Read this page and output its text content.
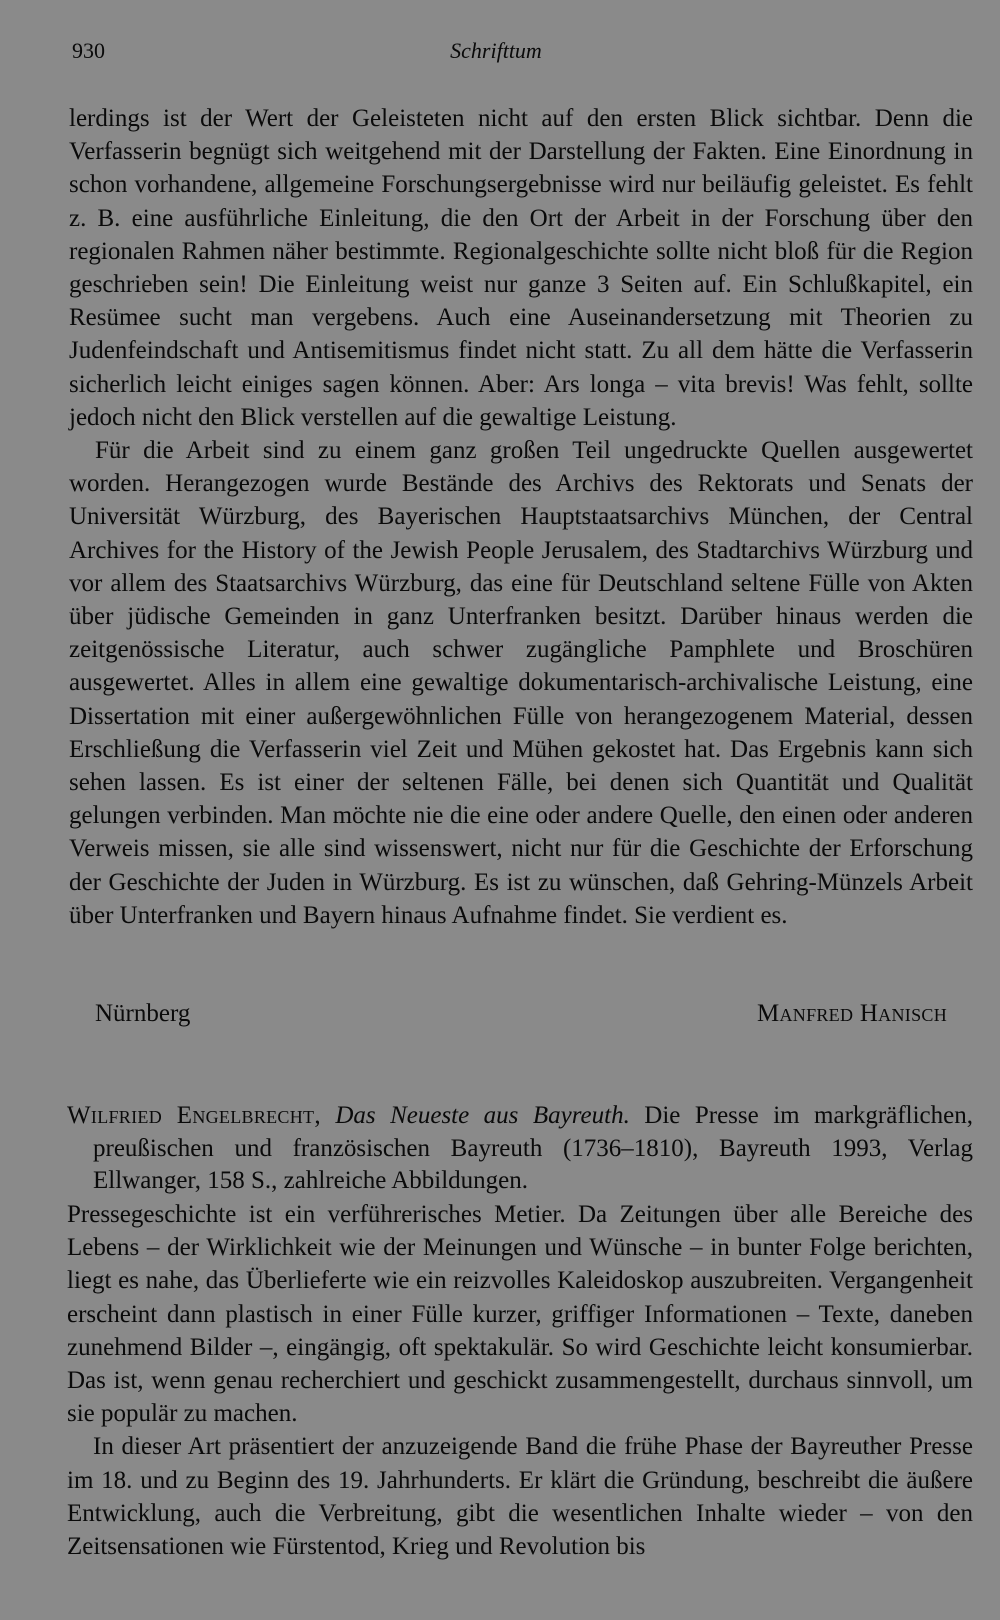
930	Schrifttum

lerdings ist der Wert der Geleisteten nicht auf den ersten Blick sichtbar. Denn die Verfasserin begnügt sich weitgehend mit der Darstellung der Fakten. Eine Einordnung in schon vorhandene, allgemeine Forschungsergebnisse wird nur beiläufig geleistet. Es fehlt z. B. eine ausführliche Einleitung, die den Ort der Arbeit in der Forschung über den regionalen Rahmen näher bestimmte. Regionalgeschichte sollte nicht bloß für die Region geschrieben sein! Die Einleitung weist nur ganze 3 Seiten auf. Ein Schlußkapitel, ein Resümee sucht man vergebens. Auch eine Auseinandersetzung mit Theorien zu Judenfeindschaft und Antisemitismus findet nicht statt. Zu all dem hätte die Verfasserin sicherlich leicht einiges sagen können. Aber: Ars longa – vita brevis! Was fehlt, sollte jedoch nicht den Blick verstellen auf die gewaltige Leistung.

Für die Arbeit sind zu einem ganz großen Teil ungedruckte Quellen ausgewertet worden. Herangezogen wurde Bestände des Archivs des Rektorats und Senats der Universität Würzburg, des Bayerischen Hauptstaatsarchivs München, der Central Archives for the History of the Jewish People Jerusalem, des Stadtarchivs Würzburg und vor allem des Staatsarchivs Würzburg, das eine für Deutschland seltene Fülle von Akten über jüdische Gemeinden in ganz Unterfranken besitzt. Darüber hinaus werden die zeitgenössische Literatur, auch schwer zugängliche Pamphlete und Broschüren ausgewertet. Alles in allem eine gewaltige dokumentarisch-archivalische Leistung, eine Dissertation mit einer außergewöhnlichen Fülle von herangezogenem Material, dessen Erschließung die Verfasserin viel Zeit und Mühen gekostet hat. Das Ergebnis kann sich sehen lassen. Es ist einer der seltenen Fälle, bei denen sich Quantität und Qualität gelungen verbinden. Man möchte nie die eine oder andere Quelle, den einen oder anderen Verweis missen, sie alle sind wissenswert, nicht nur für die Geschichte der Erforschung der Geschichte der Juden in Würzburg. Es ist zu wünschen, daß Gehring-Münzels Arbeit über Unterfranken und Bayern hinaus Aufnahme findet. Sie verdient es.

Nürnberg	Manfred Hanisch
Wilfried Engelbrecht, Das Neueste aus Bayreuth. Die Presse im markgräflichen, preußischen und französischen Bayreuth (1736–1810), Bayreuth 1993, Verlag Ellwanger, 158 S., zahlreiche Abbildungen.

Pressegeschichte ist ein verführerisches Metier. Da Zeitungen über alle Bereiche des Lebens – der Wirklichkeit wie der Meinungen und Wünsche – in bunter Folge berichten, liegt es nahe, das Überlieferte wie ein reizvolles Kaleidoskop auszubreiten. Vergangenheit erscheint dann plastisch in einer Fülle kurzer, griffiger Informationen – Texte, daneben zunehmend Bilder –, eingängig, oft spektakulär. So wird Geschichte leicht konsumierbar. Das ist, wenn genau recherchiert und geschickt zusammengestellt, durchaus sinnvoll, um sie populär zu machen.

In dieser Art präsentiert der anzuzeigende Band die frühe Phase der Bayreuther Presse im 18. und zu Beginn des 19. Jahrhunderts. Er klärt die Gründung, beschreibt die äußere Entwicklung, auch die Verbreitung, gibt die wesentlichen Inhalte wieder – von den Zeitsensationen wie Fürstentod, Krieg und Revolution bis
